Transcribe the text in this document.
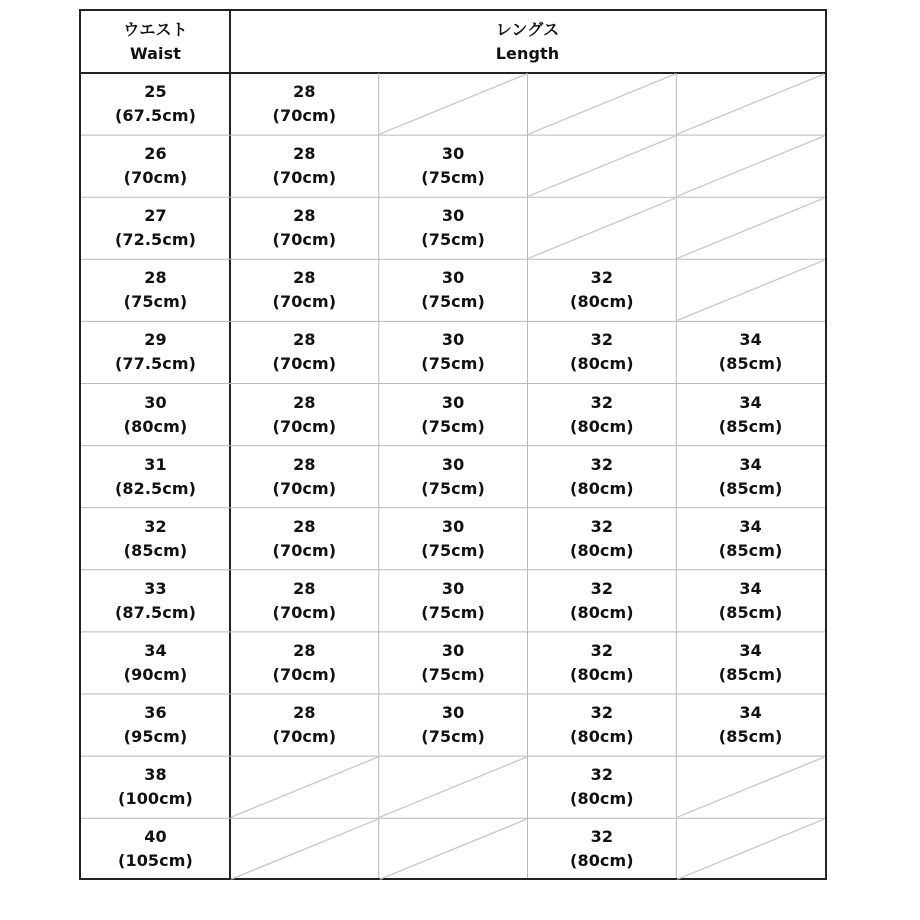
ウエスト
Waist
レングス
Length
25
(67.5cm)
28
(70cm)
26
(70cm)
28
(70cm)
30
(75cm)
27
(72.5cm)
28
(70cm)
30
(75cm)
28
(75cm)
28
(70cm)
30
(75cm)
32
(80cm)
29
(77.5cm)
28
(70cm)
30
(75cm)
32
(80cm)
34
(85cm)
30
(80cm)
28
(70cm)
30
(75cm)
32
(80cm)
34
(85cm)
31
(82.5cm)
28
(70cm)
30
(75cm)
32
(80cm)
34
(85cm)
32
(85cm)
28
(70cm)
30
(75cm)
32
(80cm)
34
(85cm)
33
(87.5cm)
28
(70cm)
30
(75cm)
32
(80cm)
34
(85cm)
34
(90cm)
28
(70cm)
30
(75cm)
32
(80cm)
34
(85cm)
36
(95cm)
28
(70cm)
30
(75cm)
32
(80cm)
34
(85cm)
38
(100cm)
32
(80cm)
40
(105cm)
32
(80cm)
